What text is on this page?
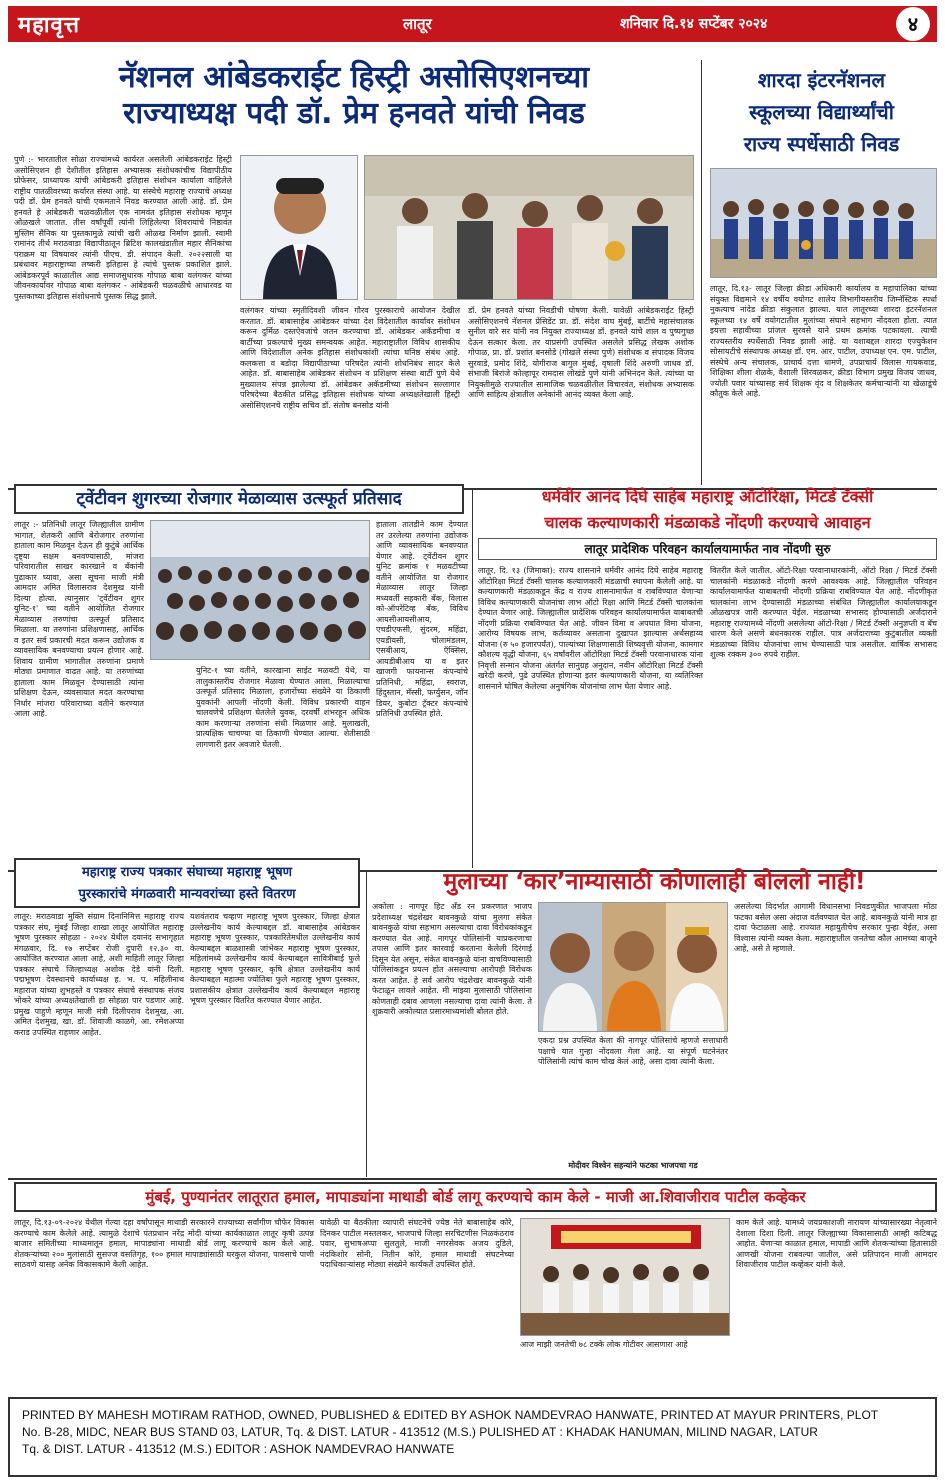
महावृत्त	लातूर	शनिवार दि.१४ सप्टेंबर २०२४	४
नॅशनल आंबेडकराईट हिस्ट्री असोसिएशनच्या
राज्याध्यक्ष पदी डॉ. प्रेम हनवते यांची निवड
पुणे :- भारतातील सोळा राज्यांमध्ये कार्यरत असलेली आंबेडकराईट हिस्ट्री असोसिएशन ही देशीतील इतिहास अभ्यासक संशोधकांचीच विद्यापीठीय प्रोफेसर, प्राध्यापक यांची आंबेडकरी इतिहास संशोधन कार्याला वाहिलेले राष्ट्रीय पातळीवरच्या कर्यारत संस्था आहे. या संस्थेचे महाराष्ट्र राज्याचे अध्यक्ष पदी डॉ. प्रेम हनवते यांची एकमताने निवड करण्यात आली आहे. डॉ. प्रेम हनवते हे आंबेडकरी चळवळीतील एक नामवंत इतिहास संशोधक म्हणून ओळखले जातात. तीस वर्षांपूर्वी त्यांनी लिहिलेल्या शिवरायांचे निष्ठावंत मुस्लिम सैनिक या पुस्तकामुळे त्यांची खरी ओळख निर्माण झाली. स्वामी रामानंद तीर्थ मराठवाडा विद्यापीठातून ब्रिटिश कालखंडातील महार सैनिकांचा पराक्रम या विषयावर त्यांनी पीएच. डी. संपादन केली. २०२२साली या प्रबंधावर महाराष्ट्राच्या लष्करी इतिहास हे त्यांचे पुस्तक प्रकाशित झाले. आंबेडकरपूर्व काळातील आद्य समाजसुधारक गोपाळ बाबा वलंगकर यांच्या जीवनकार्यावर गोपाळ बाबा वलंगकर - आंबेडकरी चळवळीचे आधारवड या पुस्तकाच्या इतिहास संशोधनाचे पुस्तक सिद्ध झाले.
वलंगकर यांच्या स्मृतीदिवशी जीवन गौरव पुरस्काराचे आयोजन देखील करतात. डॉ. बाबासाहेब आंबेडकर यांच्या देश विदेशातील कार्यावर संशोधन करून दुर्मिळ दस्तऐवजांचे जतन करण्याचा डॉ. आंबेडकर अकॅडमीचा व बार्टीच्या प्रकल्पाचे मुख्य समन्वयक आहेत. महाराष्ट्रातील विविध शासकीय आणि विदेशातील अनेक इतिहास संशोधकांशी त्यांचा घनिष्ठ संबंध आहे. कलकत्ता व बडोदा विद्यापीठाच्या परिषदेत त्यांनी शोधनिबंध सादर केले आहेत. डॉ. बाबासाहेब आंबेडकर संशोधन व प्रशिक्षण संस्था बार्टी पुणे येथे मुख्यालय संपन्न झालेल्या डॉ. आंबेडकर अकॅडमीच्या संशोधन सल्लागार परिषदेच्या बैठकीत प्रसिद्ध इतिहास संशोधक यांच्या अध्यक्षतेखाली हिस्ट्री असोसिएशनचे राष्ट्रीय सचिव डॉ. संतोष बनसोड यांनी
डॉ. प्रेम हनवते यांच्या निवडीची घोषणा केली. यावेळी आंबेडकराईट हिस्ट्री असोसिएशनचे नॅशनल प्रेसिडेंट प्रा. डॉ. संदेश वाघ मुंबई, बार्टीचे महासंचालक सुनील वारे सर यांनी नव नियुक्त राज्याध्यक्ष डॉ. हनवते यांचे शाल व पुष्पगुच्छ देऊन सत्कार केला. तर याप्रसंगी उपस्थित असलेले प्रसिद्ध लेखक अशोक गोपाळ, प्रा. डॉ. प्रशांत बनसोडे (गोखले संस्था पुणे) संशोधक व संपादक विजय सुरवाडे, प्रमोद शिंदे, योगीराज बागुल मुंबई, वृषाली शिंदे अरुणी जाधव डॉ. संभाजी बिरांजे कोल्हापूर रामदास लोखंडे पुणे यांनी अभिनंदन केले. त्यांच्या या नियुक्तीमुळे राज्यातील सामाजिक चळवळीतील विचारवंत, संशोधक अभ्यासक आणि साहित्य क्षेत्रातील अनेकांनी आनंद व्यक्त केला आहे.
शारदा इंटरनॅशनल
स्कूलच्या विद्यार्थ्यांची
राज्य स्पर्धेसाठी निवड
लातूर, दि.१३- लातूर जिल्हा क्रीडा अधिकारी कार्यालय व महापालिका यांच्या संयुक्त विद्यमाने १४ वर्षीय वयोगट शालेय विभागीयस्तरीय जिम्नॅस्टिक स्पर्धा नुकत्याच नांदेड क्रीडा संकुलात झाल्या. यात लातूरच्या शारदा इंटरनॅशनल स्कूलच्या १४ वर्षे वयोगटातील मुलांच्या संघाने सहभाग नोंदवला होता. त्यात इयत्ता सहावीच्या प्रांजल सुरवसे याने प्रथम क्रमांक पटकावला. त्याची राज्यस्तरीय स्पर्धेसाठी निवड झाली आहे. या यशाबद्दल शारदा एज्युकेशन सोसायटीचे संस्थापक अध्यक्ष डॉ. एम. आर. पाटील, उपाध्यक्ष एन. एम. पाटील, संस्थेचे अन्य संचालक, प्राचार्य दत्ता धामणे, उपप्राचार्य विलास गायकवाड, शिक्षिका शीला शेळके, वैशाली शिरवळकर, क्रीडा विभाग प्रमुख विजय जाधव, ज्योती पवार यांच्यासह सर्व शिक्षक वृंद व शिक्षकेतर कर्मचाऱ्यांनी या खेळाडूंचे कौतुक केले आहे.
ट्वेंटीवन शुगरच्या रोजगार मेळाव्यास उत्स्फूर्त प्रतिसाद
लातूर :- प्रतिनिधी लातूर जिल्ह्यातील ग्रामीण भागात, शेतकरी आणि बेरोजगार तरुणांना हाताला काम मिळवून देऊन ही कुटुंबे आर्थिक दृष्ट्या सक्षम बनवण्यासाठी, मांजरा परिवारातील साखर कारखाने व बँकांनी पुढाकार घ्यावा, असा सूचना माजी मंत्री आमदार अमित विलासराव देशमुख यांनी दिल्या होत्या. त्यानुसार 'ट्वेंटीवन शुगर युनिट-१' च्या वतीने आयोजित रोजगार मेळाव्यास तरुणांचा उत्स्फूर्त प्रतिसाद मिळाला. या तरुणांना प्रशिक्षणासह, आर्थिक व इतर सर्व प्रकारची मदत करून उद्योजक व व्यावसायिक बनवण्याचा प्रयत्न होणार आहे. शिवाय ग्रामीण भागातील तरुणांना प्रमाणे मोठ्या प्रमाणात वाढत आहे. या तरुणांच्या हाताला काम मिळवून देण्यासाठी त्यांना प्रशिक्षण देऊन, व्यवसायात मदत करण्याचा निर्धार मांजरा परिवाराच्या वतीने करण्यात आला आहे.
युनिट-१ च्या वतीने, कारखाना साईट मळवटी येथे, या तालुकास्तरीय रोजगार मेळावा घेण्यात आला. मिळाल्याचा उत्स्फूर्त प्रतिसाद मिळाला, हजारोंच्या संख्येने या ठिकाणी युवकांनी आपली नोंदणी केली. विविध प्रकारची वाहन चालवणेचे प्रशिक्षण घेतलेले युवक, दरवर्षी शंभरहून अधिक काम करणाऱ्या तरुणांना संधी मिळणार आहे. मुलाखती, प्रात्यक्षिक चाचण्या या ठिकाणी घेण्यात आल्या. शेतीसाठी लागणारी इतर अवजारे घेतली.
हाताला तातडीने काम देण्यात तर उरलेल्या तरुणांना उद्योजक आणि व्यावसायिक बनवण्यात येणार आहे. ट्वेंटीवन शुगर युनिट क्रमांक १ मळवटीच्या वतीने आयोजित या रोजगार मेळाव्यास लातूर जिल्हा मध्यवर्ती सहकारी बँक, विलास को-ऑपरेटिव्ह बँक, विविध आयसीआयसीआय, एचडीएफसी, सुंदरम, महिंद्रा, एयडीयसी, चोलामंडलम, एसबीआय, ऍक्सिस, आयडीबीआय या व इतर खाजगी फायनान्स कंपन्यांचे प्रतिनिधी, महिंद्रा, स्वराज, हिंदुस्तान, मॅस्सी, फर्ग्युसन, जॉन डियर, कुबोटा ट्रॅक्टर कंपन्यांचे प्रतिनिधी उपस्थित होते.
धर्मवीर आनंद दिघे साहेब महाराष्ट्र ऑटोरिक्षा, मिटर्ड टॅक्सी
चालक कल्याणकारी मंडळाकडे नोंदणी करण्याचे आवाहन
लातूर प्रादेशिक परिवहन कार्यालयामार्फत नाव नोंदणी सुरु
लातूर, दि. १३ (जिमाका): राज्य शासनाने धर्मवीर आनंद दिघे साहेब महाराष्ट्र ऑटोरिक्षा मिटर्ड टॅक्सी चालक कल्याणकारी मंडळाची स्थापना केलेली आहे. या कल्याणकारी मंडळाकडून केंद्र व राज्य शासनामार्फत व राबविण्यात येणाऱ्या विविध कल्याणकारी योजनांचा लाभ ऑटो रिक्षा आणि मिटर्ड टॅक्सी चालकांना देण्यात येणार आहे. जिल्ह्यातील प्रादेशिक परिवहन कार्यालयामार्फत याबाबतची नोंदणी प्रक्रिया राबविण्यात येत आहे. जीवन विमा व अपघात विमा योजना, आरोग्य विषयक लाभ, कर्तव्यावर असताना दुखापत झाल्यास अर्थसहाय्य योजना (रु ५० हजारपर्यंत), पाल्यांच्या शिक्षणासाठी शिष्यवृत्ती योजना, कामगार कौशल्य वृद्धी योजना, ६५ वर्षांवरील ऑटोरिक्षा मिटर्ड टॅक्सी परवानाधारक यांना निवृत्ती सन्मान योजना अंतर्गत सानुग्रह अनुदान, नवीन ऑटोरिक्षा मिटर्ड टॅक्सी खरेदी करणे, पुढे उपस्थित होणाऱ्या इतर कल्याणकारी योजना, या व्यतिरिक्त शासनाने घोषित केलेल्या अनुषंगिक योजनांचा लाभ घेता येणार आहे.
वितरीत केले जातील. ऑटो-रिक्षा परवानाधारकांनी, ऑटो रिक्षा / मिटर्ड टॅक्सी चालकांनी मंडळाकडे नोंदणी करणे आवश्यक आहे. जिल्ह्यातील परिवहन कार्यालयामार्फत याबाबतची नोंदणी प्रक्रिया राबविण्यात येत आहे. नोंदणीकृत चालकांना लाभ देण्यासाठी मंडळाच्या संबंधित जिल्ह्यातील कार्यालयाकडून ओळखपत्र जारी करण्यात येईल. मंडळाच्या सभासद होण्यासाठी अर्जदाराने महाराष्ट्र राज्यामध्ये नोंदणी असलेल्या ऑटो-रिक्षा / मिटर्ड टॅक्सी अनुज्ञप्ती व बॅच धारण केले असणे बंधनकारक राहील. पात्र अर्जदाराच्या कुटुंबातील व्यक्ती मंडळाच्या विविध योजनांचा लाभ घेण्यासाठी पात्र असतील. वार्षिक सभासद शुल्क रक्कम ३०० रुपये राहील.
महाराष्ट्र राज्य पत्रकार संघाच्या महाराष्ट्र भूषण
पुरस्कारांचे मंगळवारी मान्यवरांच्या हस्ते वितरण
लातूर: मराठवाडा मुक्ति संग्राम दिनानिमित्त महाराष्ट्र राज्य पत्रकार संघ, मुंबई जिल्हा शाखा लातूर आयोजित महाराष्ट्र भूषण पुरस्कार सोहळा - २०२४ येथील दयानंद सभागृहात मंगळवार, दि. १७ सप्टेंबर रोजी दुपारी १२.३० वा. आयोजित करण्यात आला आहे, अशी माहिती लातूर जिल्हा पत्रकार संघाचे जिल्हाध्यक्ष अशोक देडे यांनी दिली. पद्मभूषण देवस्थानचे कार्याध्यक्ष ह. भ. प. महिलीनाथ महाराज यांच्या शुभहस्ते व पत्रकार संघाचे संस्थापक संजय भोकरे यांच्या अध्यक्षतेखाली हा सोहळा पार पडणार आहे. प्रमुख पाहुणे म्हणून माजी मंत्री दिलीपराव देशमुख, आ. अमित देशमुख, खा. डॉ. शिवाजी काळगे, आ. रमेशअप्पा कराड उपस्थित राहणार आहेत.
यशवंतराव चव्हाण महाराष्ट्र भूषण पुरस्कार, जिल्हा क्षेत्रात उल्लेखनीय कार्य केल्याबद्दल डॉ. बाबासाहेब आंबेडकर महाराष्ट्र भूषण पुरस्कार, पत्रकारितेमधील उल्लेखनीय कार्य केल्याबद्दल बाळशास्त्री जांभेकर महाराष्ट्र भूषण पुरस्कार, महिलांमध्ये उल्लेखनीय कार्य केल्याबद्दल सावित्रीबाई फुले महाराष्ट्र भूषण पुरस्कार, कृषि क्षेत्रात उल्लेखनीय कार्य केल्याबद्दल महात्मा ज्योतिबा फुले महाराष्ट्र भूषण पुरस्कार, प्रशासकीय क्षेत्रात उल्लेखनीय कार्य केल्याबद्दल महाराष्ट्र भूषण पुरस्कार वितरित करण्यात येणार आहेत.
मुलाच्या ‘कार’नाम्यासाठी कोणालाही बोललो नाही!
अकोला : नागपूर हिट अँड रन प्रकरणात भाजप प्रदेशाध्यक्ष चंद्रशेखर बावनकुळे यांचा मुलगा संकेत बावनकुळे यांचा सहभाग असल्याचा दावा विरोधकांकडून करण्यात येत आहे. नागपूर पोलिसांनी याप्रकरणाचा तपास आणि इतर कारवाई करताना केलेली दिरंगाई दिसून येत असून, संकेत बावनकुळे यांना वाचविण्यासाठी पोलिसांकडून प्रयत्न होत असल्याचा आरोपही विरोधक करत आहेत. हे सर्व आरोप चंद्रशेखर बावनकुळे यांनी फेटाळून लावले आहेत. मी माझ्या मुलासाठी पोलिसांना कोणताही दबाव आणला नसल्याचा दावा त्यांनी केला. ते शुक्रवारी अकोल्यात प्रसारमाध्यमांशी बोलत होते.
एकदा प्रश्न उपस्थित केला की नागपूर पोलिसांचे म्हणजे सत्ताधारी पक्षाचे यात गुन्हा नोंदवला गेला आहे. या संपूर्ण घटनेनंतर पोलिसांनी त्यांचं काम चोख केलं आहे, असा दावा त्यांनी केला.
मोदीवर विश्वेन सहन्यांने फटका भाजपचा गड
असलेल्या विदर्भात आगामी विधानसभा निवडणुकीत भाजपला मोठा फटका बसेल असा अंदाज वर्तवण्यात येत आहे. बावनकुळे यांनी मात्र हा दावा फेटाळला आहे. राज्यात महायुतीचेच सरकार पुन्हा येईल, असा विश्वास त्यांनी व्यक्त केला. महाराष्ट्रातील जनतेचा कौल आमच्या बाजूने आहे, असे ते म्हणाले.
मुंबई, पुण्यानंतर लातूरात हमाल, मापाड्यांना माथाडी बोर्ड लागू करण्याचे काम केले - माजी आ.शिवाजीराव पाटील कव्हेकर
लातूर, दि.१३-०९-२०२४ येथील गेल्या दहा वर्षांपासून माथाडी सरकारने राज्याच्या सर्वांगीण चौफेर विकास करण्याचे काम केलेले आहे. त्यामुळे देशाचे पंतप्रधान नरेंद्र मोदी यांच्या कार्यकाळात लातूर कृषी उत्पन्न बाजार समितीच्या माध्यमातून हमाल, मापाड्यांना माथाडी बोर्ड लागू करण्याचे काम केले आहे. शेतकऱ्यांच्या २०० मुलांसाठी सुसज्ज वसतिगृह, १०० हमाल मापाड्यांसाठी घरकुल योजना, पावसाचे पाणी साठवणे यासह अनेक विकासकामे केली आहेत.
यावेळी या बैठकीला व्यापारी संघटनेचे ज्येष्ठ नेते बाबासाहेब कोरे, दिनकर पाटील मस्तलकर, भाजपाचे जिल्हा सरचिटणीस निळकंठराव पवार, सुभाषअप्पा सुलतुले, माजी नगरसेवक अजय दुडिले, नंदकिशोर सोनी, नितीन कोरे, हमाल माथाडी संघटनेच्या पदाधिकाऱ्यांसह मोठ्या संख्येने कार्यकर्ते उपस्थित होते.
आज माझी जनतेची ७८ टक्के लोक गोटीवर आसणारा आहे
काम केले आहे. यामध्ये जयप्रकाशजी नारायण यांच्यासारख्या नेतृत्वाने देशाला दिशा दिली. लातूर जिल्ह्याच्या विकासासाठी आम्ही कटिबद्ध आहोत. येणाऱ्या काळात हमाल, मापाडी आणि शेतकऱ्यांच्या हितासाठी आणखी योजना राबवल्या जातील, असे प्रतिपादन माजी आमदार शिवाजीराव पाटील कव्हेकर यांनी केले.
PRINTED BY MAHESH MOTIRAM RATHOD, OWNED, PUBLISHED & EDITED BY ASHOK NAMDEVRAO HANWATE, PRINTED AT MAYUR PRINTERS, PLOT
No. B-28, MIDC, NEAR BUS STAND 03, LATUR, Tq. & DIST. LATUR - 413512 (M.S.) PULISHED AT : KHADAK HANUMAN, MILIND NAGAR, LATUR
Tq. & DIST. LATUR - 413512 (M.S.) EDITOR : ASHOK NAMDEVRAO HANWATE
